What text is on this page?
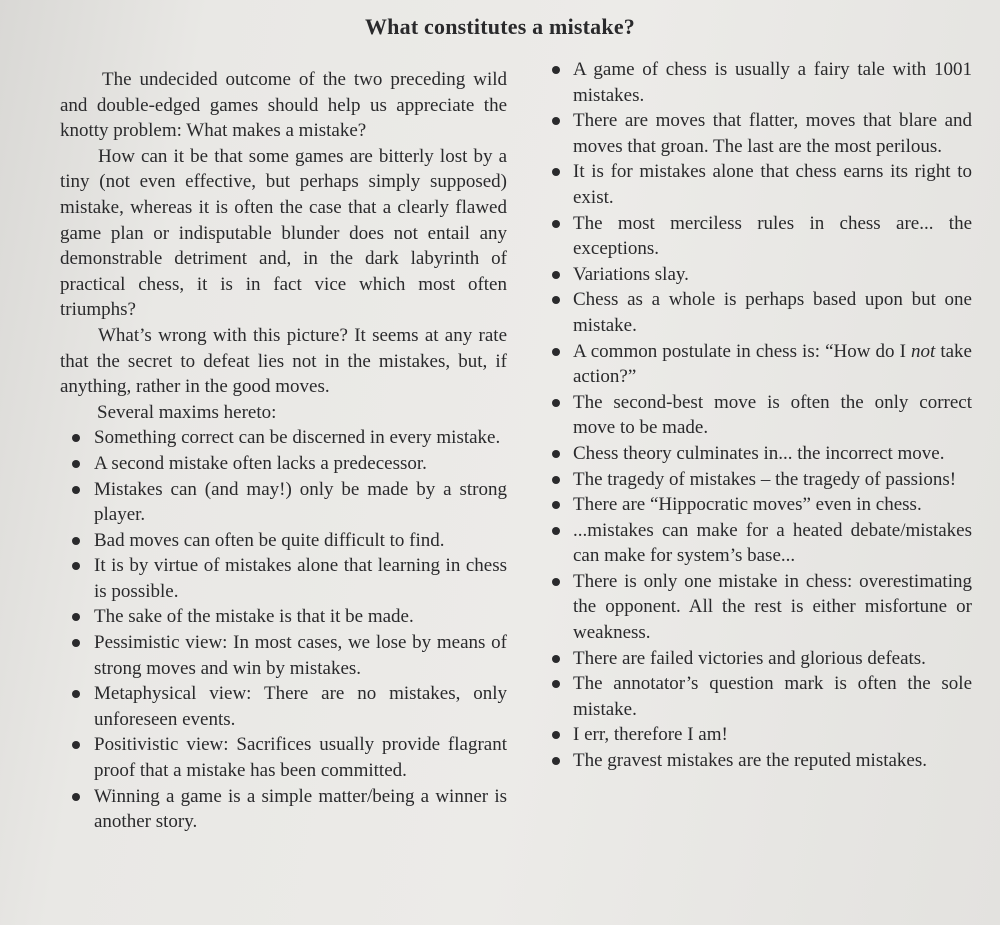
What constitutes a mistake?

The undecided outcome of the two preceding wild and double-edged games should help us appreciate the knotty problem: What makes a mistake?

How can it be that some games are bitterly lost by a tiny (not even effective, but perhaps simply supposed) mistake, whereas it is often the case that a clearly flawed game plan or indisputable blunder does not entail any demonstrable detriment and, in the dark labyrinth of practical chess, it is in fact vice which most often triumphs?

What’s wrong with this picture? It seems at any rate that the secret to defeat lies not in the mistakes, but, if anything, rather in the good moves.

Several maxims hereto:

Something correct can be discerned in every mistake.
A second mistake often lacks a predecessor.
Mistakes can (and may!) only be made by a strong player.
Bad moves can often be quite difficult to find.
It is by virtue of mistakes alone that learning in chess is possible.
The sake of the mistake is that it be made.
Pessimistic view: In most cases, we lose by means of strong moves and win by mistakes.
Metaphysical view: There are no mistakes, only unforeseen events.
Positivistic view: Sacrifices usually provide flagrant proof that a mistake has been committed.
Winning a game is a simple matter/being a winner is another story.
A game of chess is usually a fairy tale with 1001 mistakes.
There are moves that flatter, moves that blare and moves that groan. The last are the most perilous.
It is for mistakes alone that chess earns its right to exist.
The most merciless rules in chess are... the exceptions.
Variations slay.
Chess as a whole is perhaps based upon but one mistake.
A common postulate in chess is: “How do I not take action?”
The second-best move is often the only correct move to be made.
Chess theory culminates in... the incorrect move.
The tragedy of mistakes – the tragedy of passions!
There are “Hippocratic moves” even in chess.
...mistakes can make for a heated debate/mistakes can make for system’s base...
There is only one mistake in chess: overestimating the opponent. All the rest is either misfortune or weakness.
There are failed victories and glorious defeats.
The annotator’s question mark is often the sole mistake.
I err, therefore I am!
The gravest mistakes are the reputed mistakes.
